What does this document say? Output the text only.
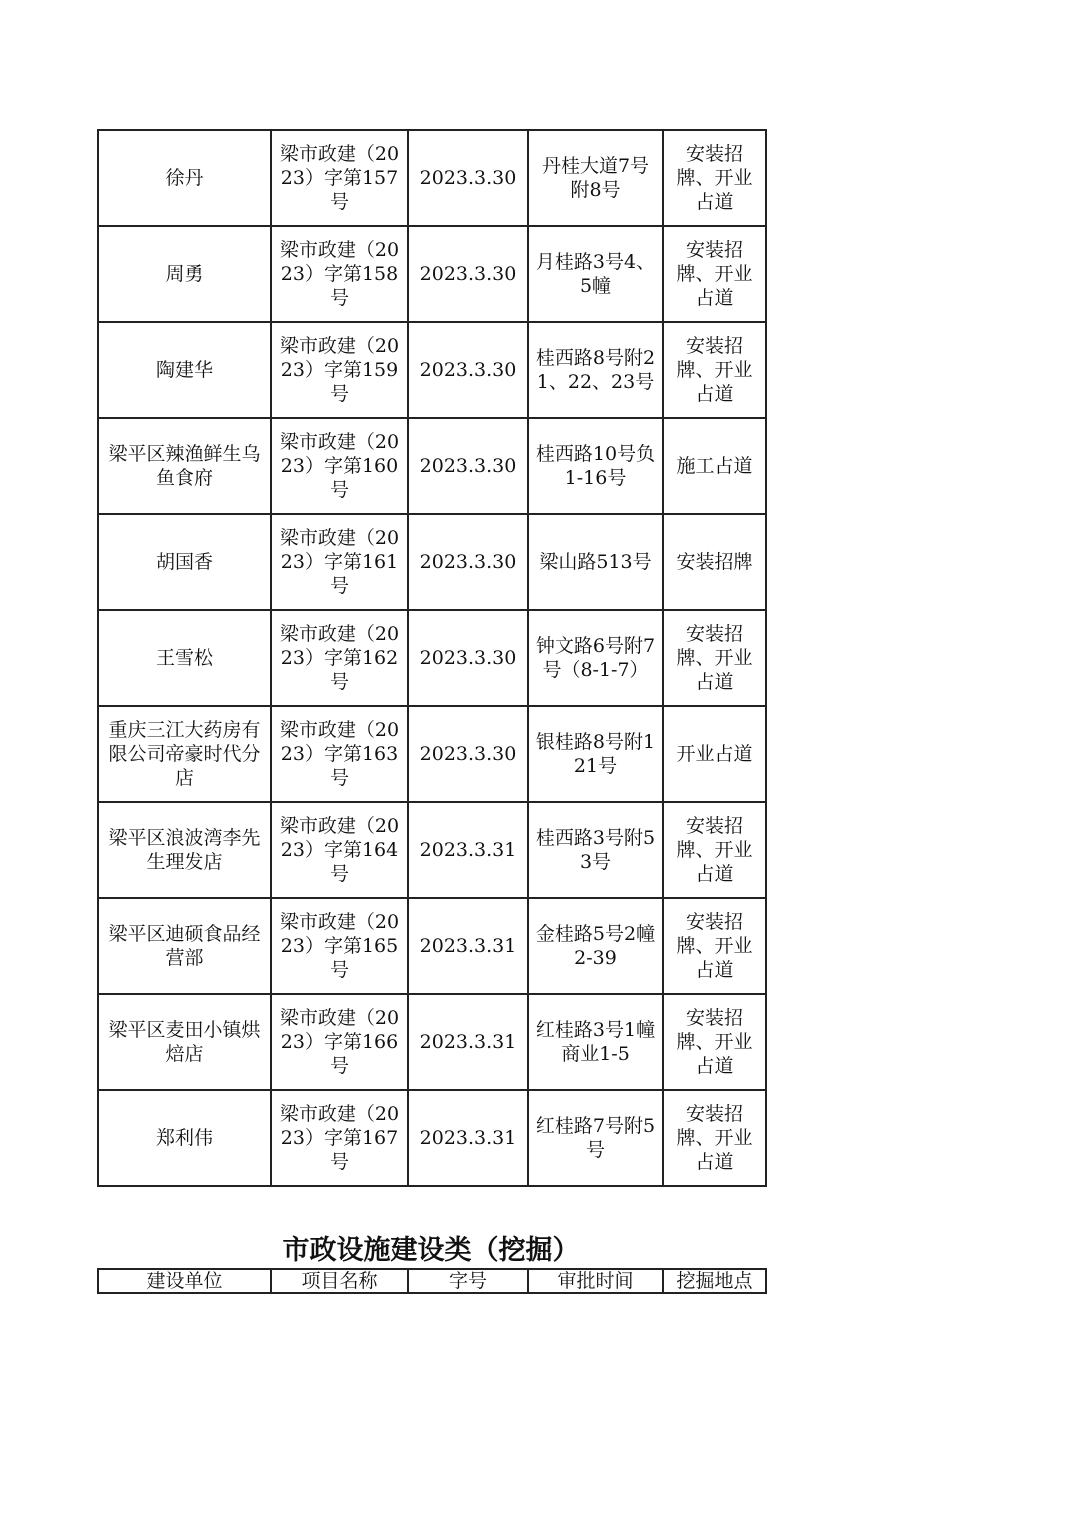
徐丹	梁市政建（2023）字第157号	2023.3.30	丹桂大道7号附8号	安装招牌、开业占道
周勇	梁市政建（2023）字第158号	2023.3.30	月桂路3号4、5幢	安装招牌、开业占道
陶建华	梁市政建（2023）字第159号	2023.3.30	桂西路8号附21、22、23号	安装招牌、开业占道
梁平区辣渔鲜生乌鱼食府	梁市政建（2023）字第160号	2023.3.30	桂西路10号负1-16号	施工占道
胡国香	梁市政建（2023）字第161号	2023.3.30	梁山路513号	安装招牌
王雪松	梁市政建（2023）字第162号	2023.3.30	钟文路6号附7号（8-1-7）	安装招牌、开业占道
重庆三江大药房有限公司帝豪时代分店	梁市政建（2023）字第163号	2023.3.30	银桂路8号附121号	开业占道
梁平区浪波湾李先生理发店	梁市政建（2023）字第164号	2023.3.31	桂西路3号附53号	安装招牌、开业占道
梁平区迪硕食品经营部	梁市政建（2023）字第165号	2023.3.31	金桂路5号2幢2-39	安装招牌、开业占道
梁平区麦田小镇烘焙店	梁市政建（2023）字第166号	2023.3.31	红桂路3号1幢商业1-5	安装招牌、开业占道
郑利伟	梁市政建（2023）字第167号	2023.3.31	红桂路7号附5号	安装招牌、开业占道
市政设施建设类（挖掘）
建设单位	项目名称	字号	审批时间	挖掘地点
